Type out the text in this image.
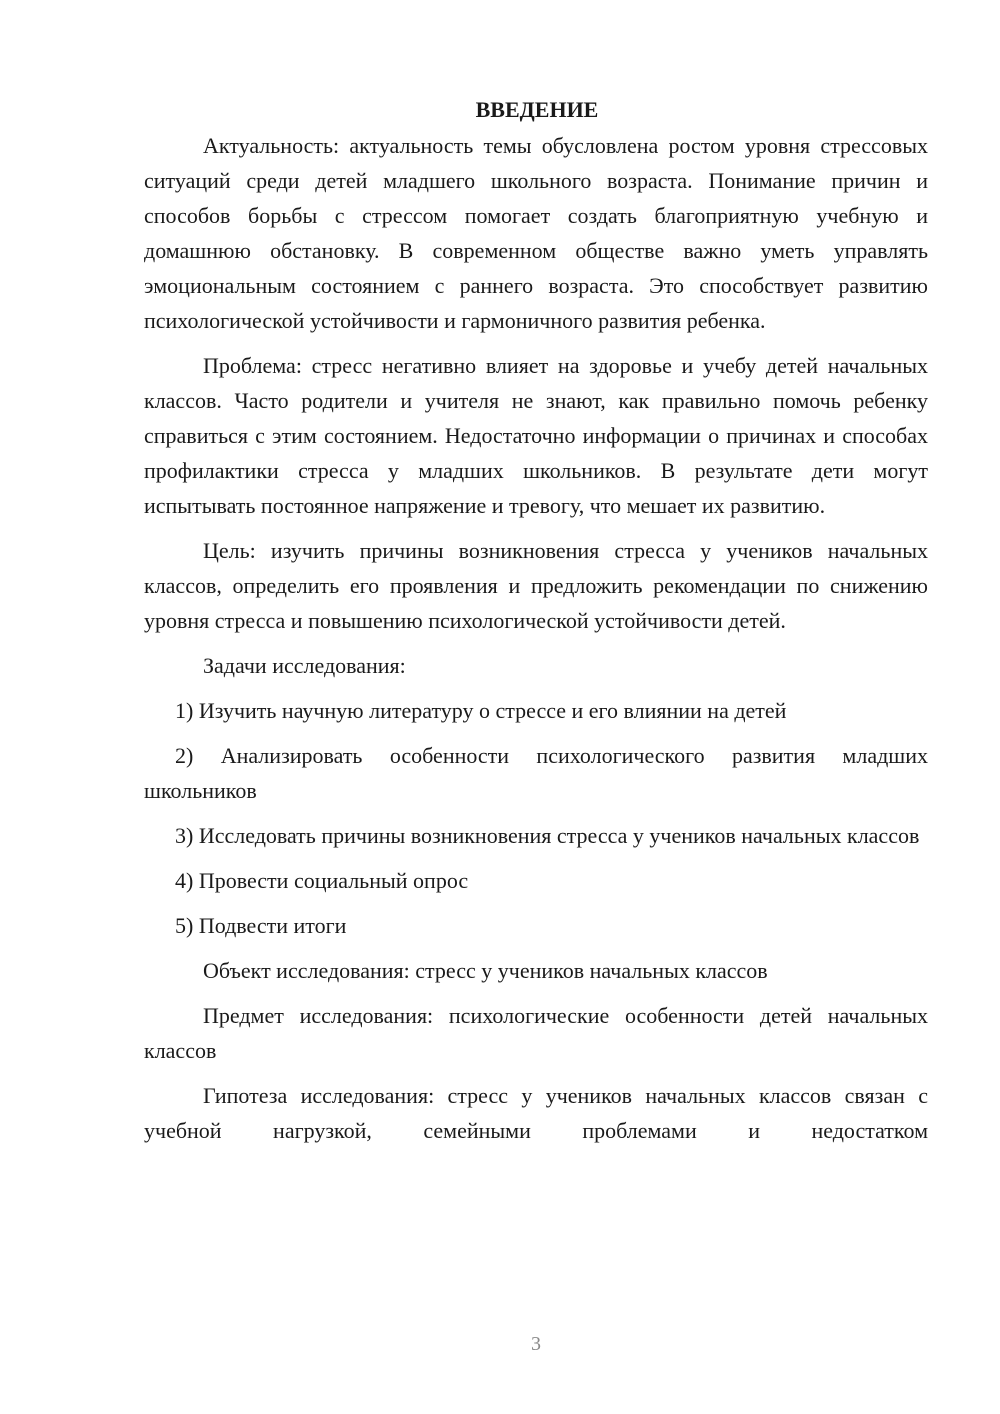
ВВЕДЕНИЕ

Актуальность: актуальность темы обусловлена ростом уровня стрессовых ситуаций среди детей младшего школьного возраста. Понимание причин и способов борьбы с стрессом помогает создать благоприятную учебную и домашнюю обстановку. В современном обществе важно уметь управлять эмоциональным состоянием с раннего возраста. Это способствует развитию психологической устойчивости и гармоничного развития ребенка.

Проблема: стресс негативно влияет на здоровье и учебу детей начальных классов. Часто родители и учителя не знают, как правильно помочь ребенку справиться с этим состоянием. Недостаточно информации о причинах и способах профилактики стресса у младших школьников. В результате дети могут испытывать постоянное напряжение и тревогу, что мешает их развитию.

Цель: изучить причины возникновения стресса у учеников начальных классов, определить его проявления и предложить рекомендации по снижению уровня стресса и повышению психологической устойчивости детей.

Задачи исследования:

1) Изучить научную литературу о стрессе и его влиянии на детей

2) Анализировать особенности психологического развития младших школьников

3) Исследовать причины возникновения стресса у учеников начальных классов

4) Провести социальный опрос

5) Подвести итоги

Объект исследования: стресс у учеников начальных классов

Предмет исследования: психологические особенности детей начальных классов

Гипотеза исследования: стресс у учеников начальных классов связан с учебной нагрузкой, семейными проблемами и недостатком

3
